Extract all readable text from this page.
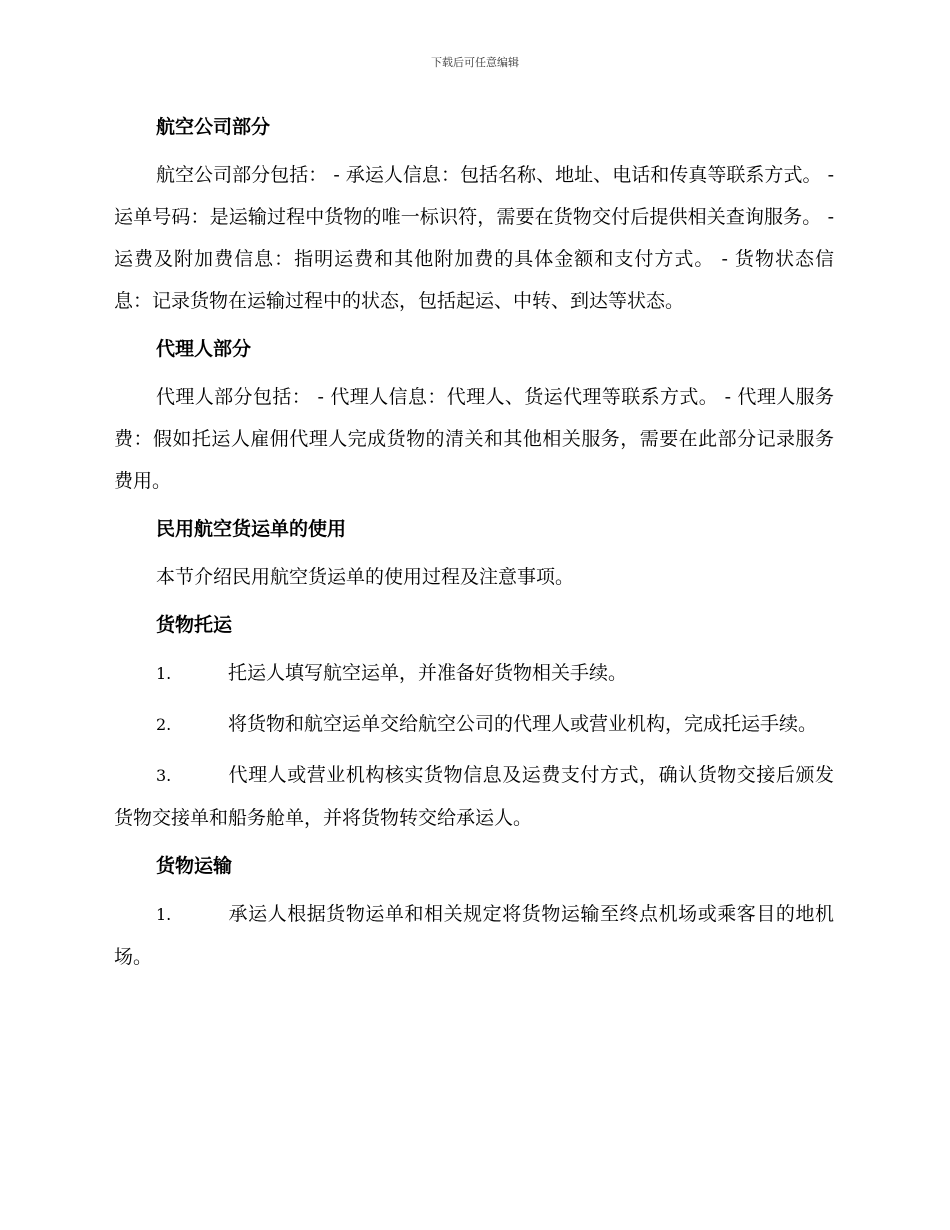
下载后可任意编辑
航空公司部分

航空公司部分包括： - 承运人信息：包括名称、地址、电话和传真等联系方式。 - 运单号码：是运输过程中货物的唯一标识符，需要在货物交付后提供相关查询服务。 - 运费及附加费信息：指明运费和其他附加费的具体金额和支付方式。 - 货物状态信息：记录货物在运输过程中的状态，包括起运、中转、到达等状态。

代理人部分

代理人部分包括： - 代理人信息：代理人、货运代理等联系方式。 - 代理人服务费：假如托运人雇佣代理人完成货物的清关和其他相关服务，需要在此部分记录服务费用。

民用航空货运单的使用

本节介绍民用航空货运单的使用过程及注意事项。

货物托运

1.	托运人填写航空运单，并准备好货物相关手续。

2.	将货物和航空运单交给航空公司的代理人或营业机构，完成托运手续。

3.	代理人或营业机构核实货物信息及运费支付方式，确认货物交接后颁发货物交接单和船务舱单，并将货物转交给承运人。

货物运输

1.	承运人根据货物运单和相关规定将货物运输至终点机场或乘客目的地机场。
